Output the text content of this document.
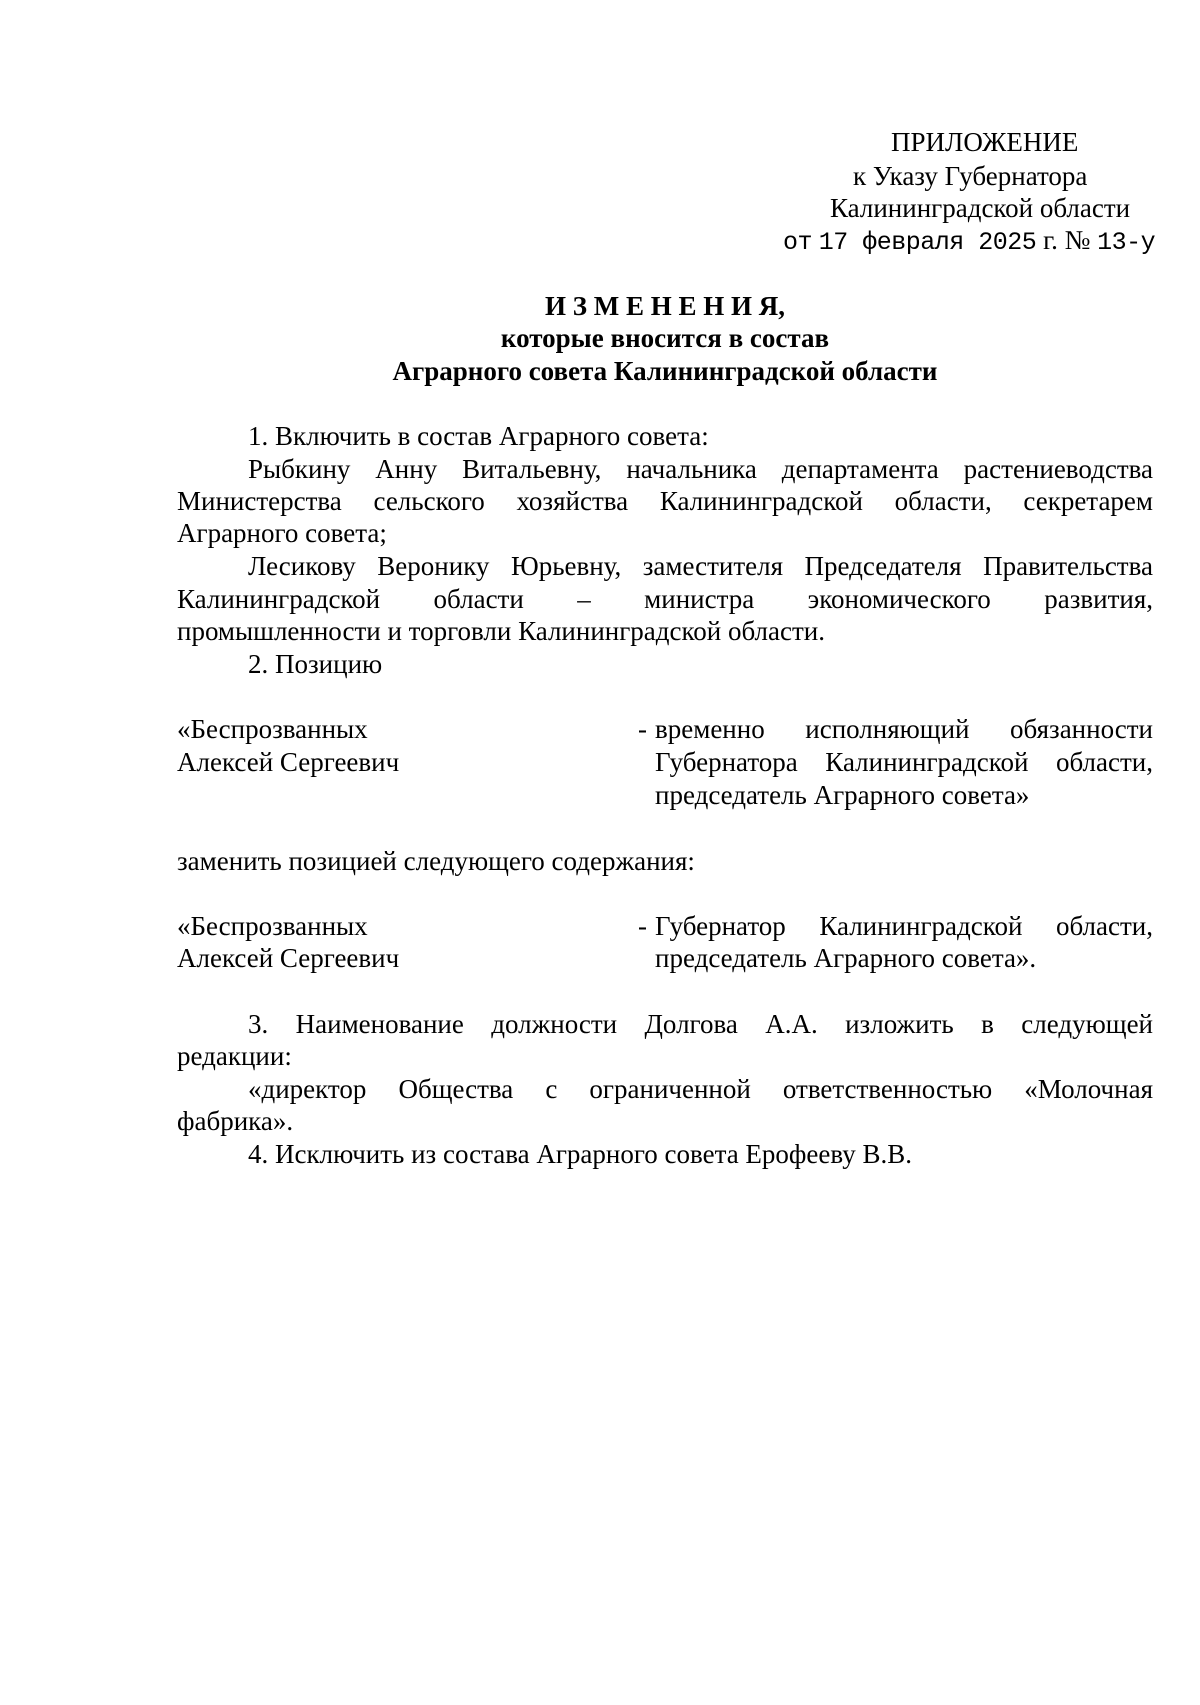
ПРИЛОЖЕНИЕ
к Указу Губернатора
Калининградской области
от 17 февраля 2025 г. № 13-у
И З М Е Н Е Н И Я,
которые вносится в состав
Аграрного совета Калининградской области
1. Включить в состав Аграрного совета:
Рыбкину Анну Витальевну, начальника департамента растениеводства
Министерства сельского хозяйства Калининградской области, секретарем
Аграрного совета;
Лесикову Веронику Юрьевну, заместителя Председателя Правительства
Калининградской области – министра экономического развития,
промышленности и торговли Калининградской области.
2. Позицию
«Беспрозванных
Алексей Сергеевич
- временно исполняющий обязанности
Губернатора Калининградской области,
председатель Аграрного совета»
заменить позицией следующего содержания:
«Беспрозванных
Алексей Сергеевич
- Губернатор Калининградской области,
председатель Аграрного совета».
3. Наименование должности Долгова А.А. изложить в следующей
редакции:
«директор Общества с ограниченной ответственностью «Молочная
фабрика».
4. Исключить из состава Аграрного совета Ерофееву В.В.
